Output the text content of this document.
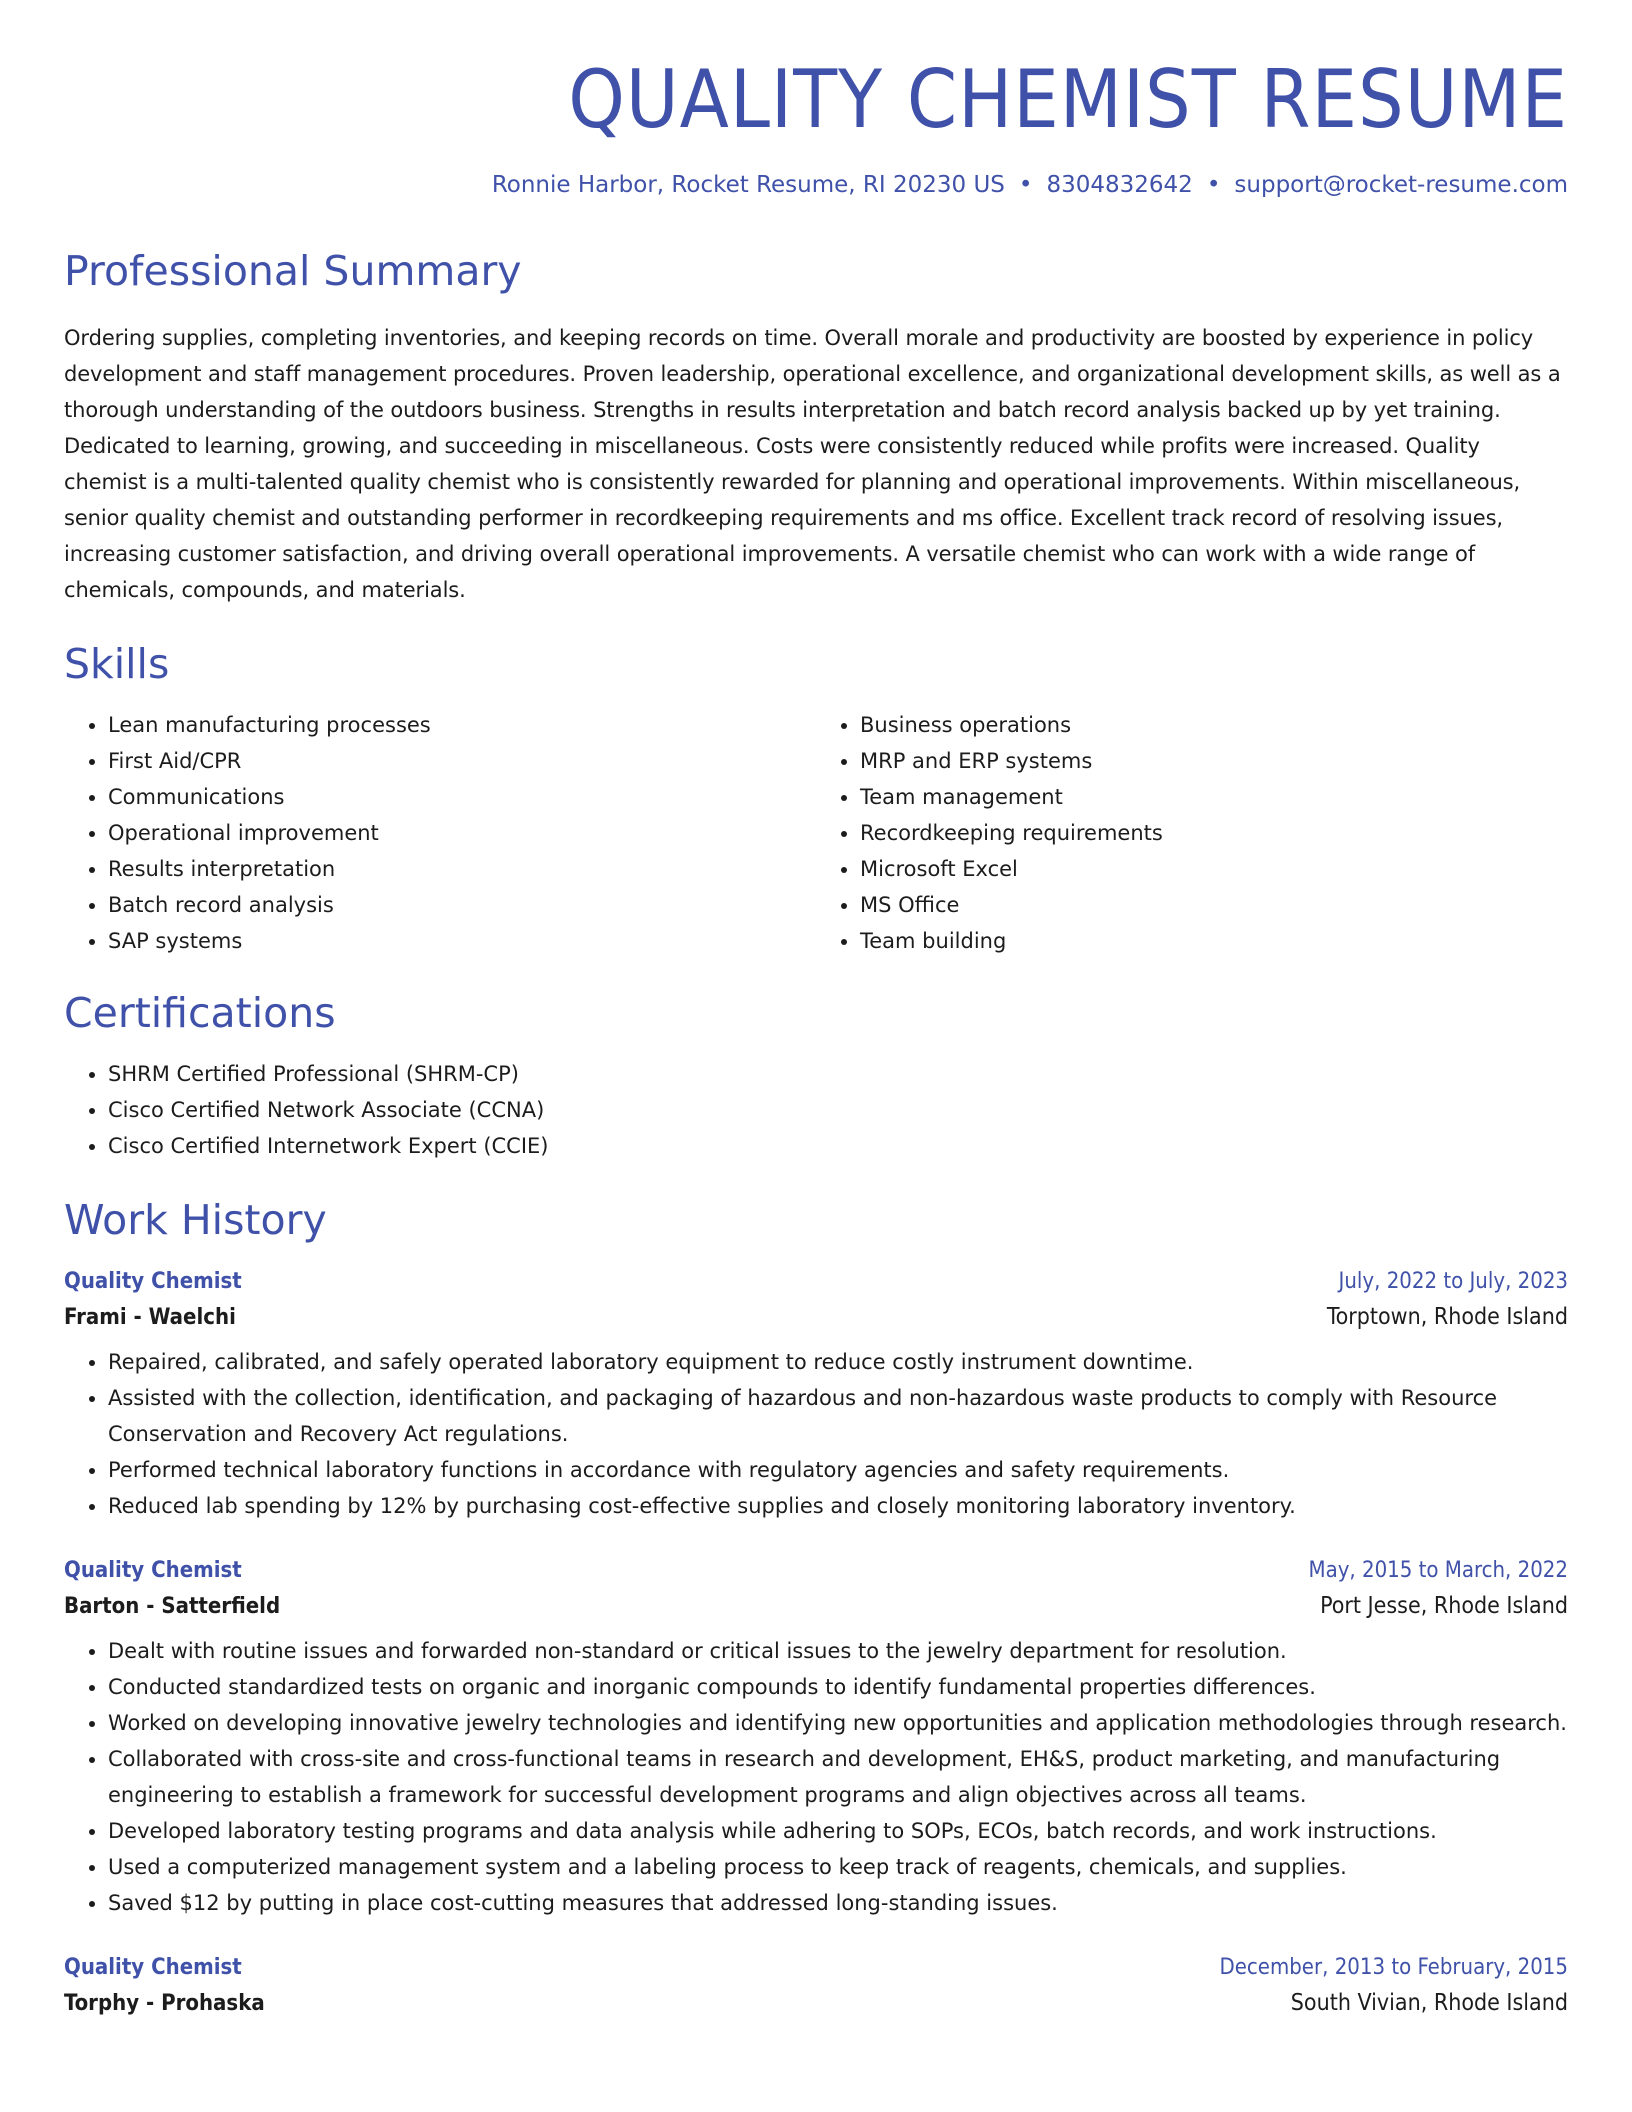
QUALITY CHEMIST RESUME
Ronnie Harbor, Rocket Resume, RI 20230 US • 8304832642 • support@rocket-resume.com
Professional Summary
Ordering supplies, completing inventories, and keeping records on time. Overall morale and productivity are boosted by experience in policy development and staff management procedures. Proven leadership, operational excellence, and organizational development skills, as well as a thorough understanding of the outdoors business. Strengths in results interpretation and batch record analysis backed up by yet training. Dedicated to learning, growing, and succeeding in miscellaneous. Costs were consistently reduced while profits were increased. Quality chemist is a multi-talented quality chemist who is consistently rewarded for planning and operational improvements. Within miscellaneous, senior quality chemist and outstanding performer in recordkeeping requirements and ms office. Excellent track record of resolving issues, increasing customer satisfaction, and driving overall operational improvements. A versatile chemist who can work with a wide range of chemicals, compounds, and materials.
Skills
• Lean manufacturing processes
• First Aid/CPR
• Communications
• Operational improvement
• Results interpretation
• Batch record analysis
• SAP systems
• Business operations
• MRP and ERP systems
• Team management
• Recordkeeping requirements
• Microsoft Excel
• MS Office
• Team building
Certifications
• SHRM Certified Professional (SHRM-CP)
• Cisco Certified Network Associate (CCNA)
• Cisco Certified Internetwork Expert (CCIE)
Work History
Quality Chemist	July, 2022 to July, 2023
Frami - Waelchi	Torptown, Rhode Island
• Repaired, calibrated, and safely operated laboratory equipment to reduce costly instrument downtime.
• Assisted with the collection, identification, and packaging of hazardous and non-hazardous waste products to comply with Resource Conservation and Recovery Act regulations.
• Performed technical laboratory functions in accordance with regulatory agencies and safety requirements.
• Reduced lab spending by 12% by purchasing cost-effective supplies and closely monitoring laboratory inventory.
Quality Chemist	May, 2015 to March, 2022
Barton - Satterfield	Port Jesse, Rhode Island
• Dealt with routine issues and forwarded non-standard or critical issues to the jewelry department for resolution.
• Conducted standardized tests on organic and inorganic compounds to identify fundamental properties differences.
• Worked on developing innovative jewelry technologies and identifying new opportunities and application methodologies through research.
• Collaborated with cross-site and cross-functional teams in research and development, EH&S, product marketing, and manufacturing engineering to establish a framework for successful development programs and align objectives across all teams.
• Developed laboratory testing programs and data analysis while adhering to SOPs, ECOs, batch records, and work instructions.
• Used a computerized management system and a labeling process to keep track of reagents, chemicals, and supplies.
• Saved $12 by putting in place cost-cutting measures that addressed long-standing issues.
Quality Chemist	December, 2013 to February, 2015
Torphy - Prohaska	South Vivian, Rhode Island
